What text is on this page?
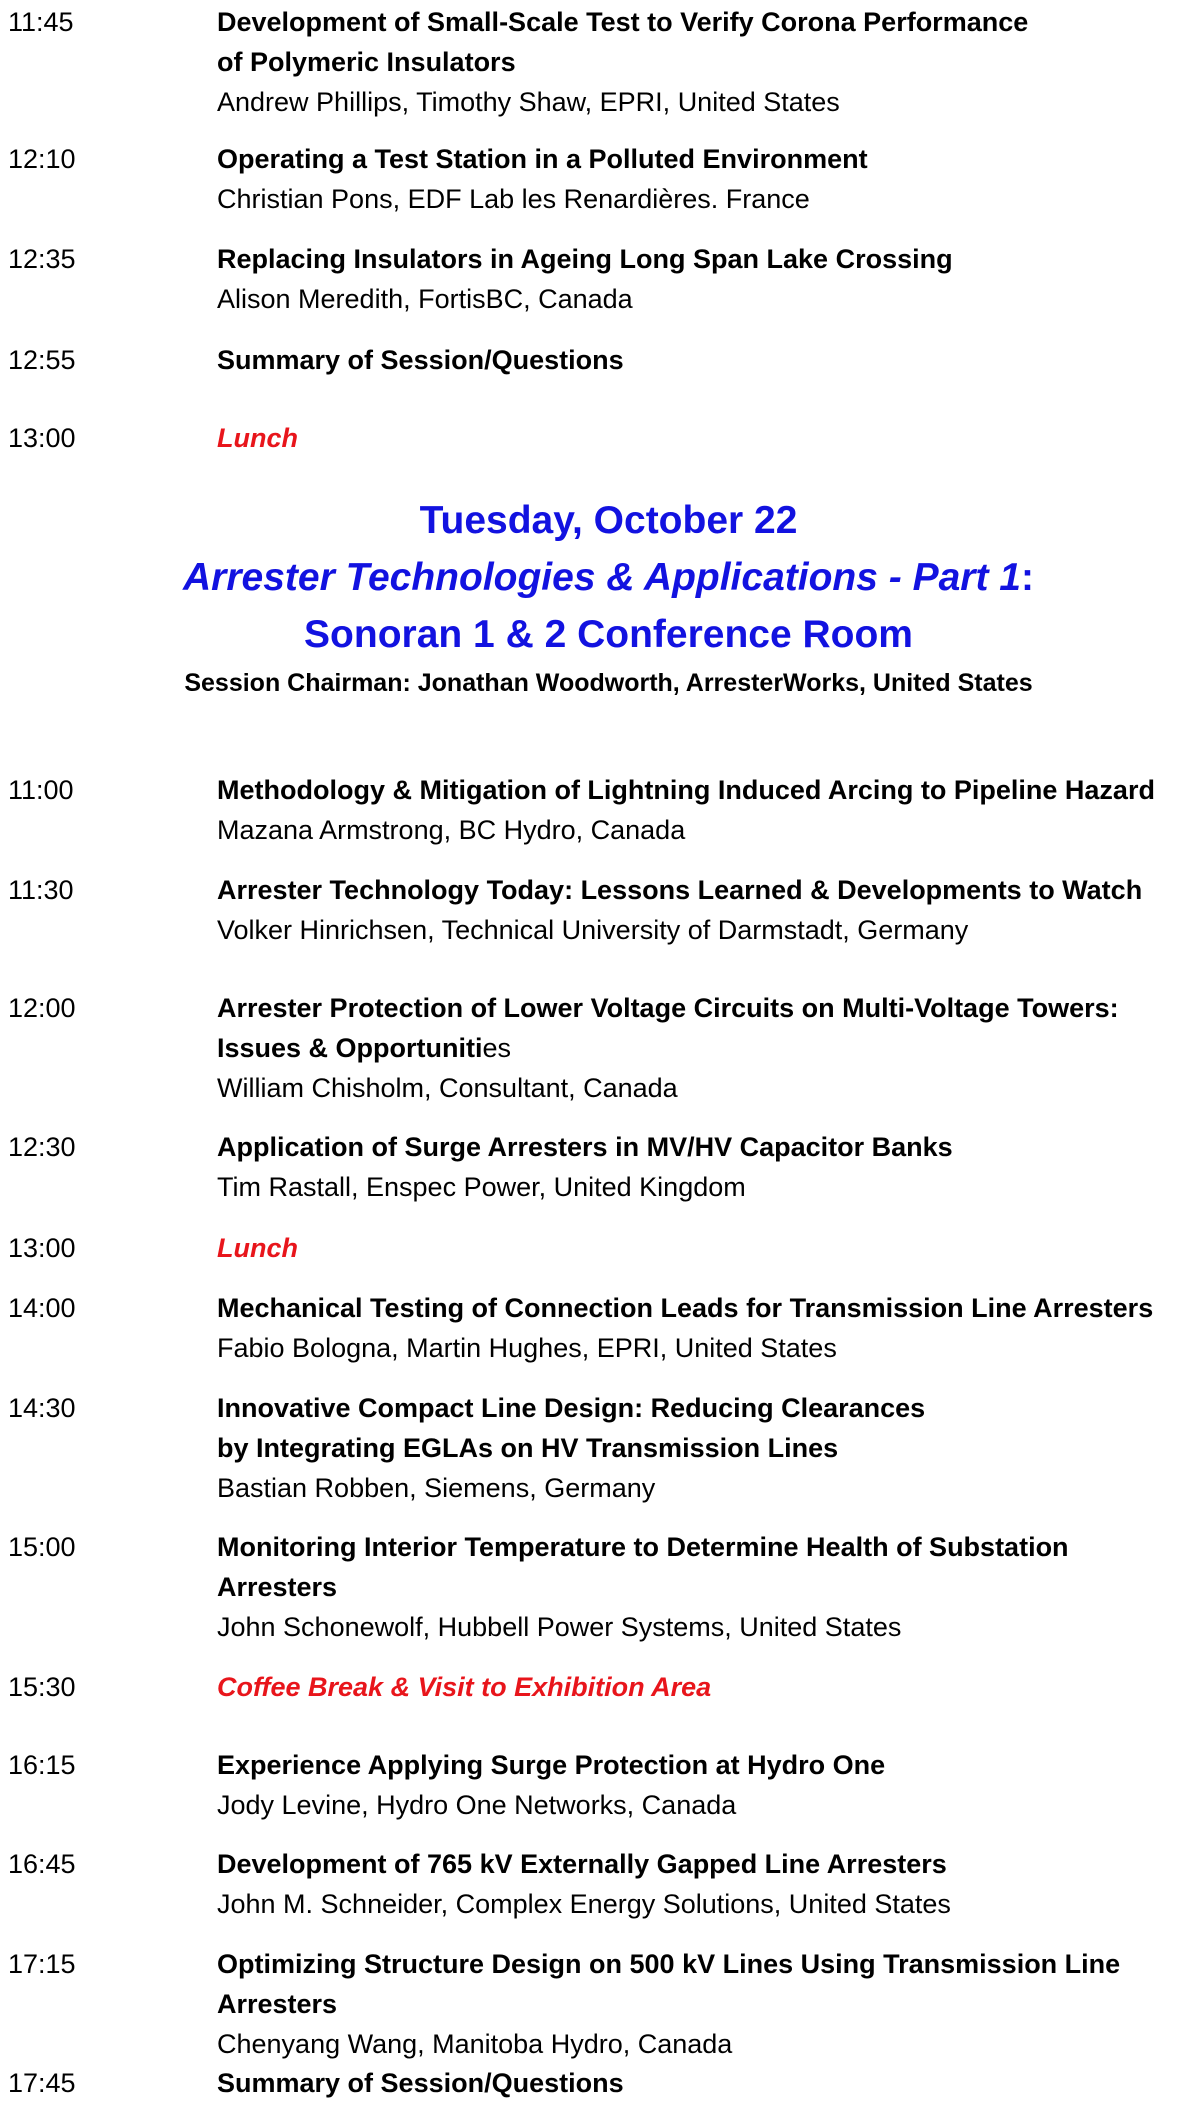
11:45	Development of Small-Scale Test to Verify Corona Performance
of Polymeric Insulators
Andrew Phillips, Timothy Shaw, EPRI, United States
12:10	Operating a Test Station in a Polluted Environment
Christian Pons, EDF Lab les Renardières. France
12:35	Replacing Insulators in Ageing Long Span Lake Crossing
Alison Meredith, FortisBC, Canada
12:55	Summary of Session/Questions
13:00	Lunch
Tuesday, October 22
Arrester Technologies & Applications - Part 1:
Sonoran 1 & 2 Conference Room
Session Chairman: Jonathan Woodworth, ArresterWorks, United States
11:00	Methodology & Mitigation of Lightning Induced Arcing to Pipeline Hazard
Mazana Armstrong, BC Hydro, Canada
11:30	Arrester Technology Today: Lessons Learned & Developments to Watch
Volker Hinrichsen, Technical University of Darmstadt, Germany
12:00	Arrester Protection of Lower Voltage Circuits on Multi-Voltage Towers:
Issues & Opportunities
William Chisholm, Consultant, Canada
12:30	Application of Surge Arresters in MV/HV Capacitor Banks
Tim Rastall, Enspec Power, United Kingdom
13:00	Lunch
14:00	Mechanical Testing of Connection Leads for Transmission Line Arresters
Fabio Bologna, Martin Hughes, EPRI, United States
14:30	Innovative Compact Line Design: Reducing Clearances
by Integrating EGLAs on HV Transmission Lines
Bastian Robben, Siemens, Germany
15:00	Monitoring Interior Temperature to Determine Health of Substation
Arresters
John Schonewolf, Hubbell Power Systems, United States
15:30	Coffee Break & Visit to Exhibition Area
16:15	Experience Applying Surge Protection at Hydro One
Jody Levine, Hydro One Networks, Canada
16:45	Development of 765 kV Externally Gapped Line Arresters
John M. Schneider, Complex Energy Solutions, United States
17:15	Optimizing Structure Design on 500 kV Lines Using Transmission Line
Arresters
Chenyang Wang, Manitoba Hydro, Canada
17:45	Summary of Session/Questions
